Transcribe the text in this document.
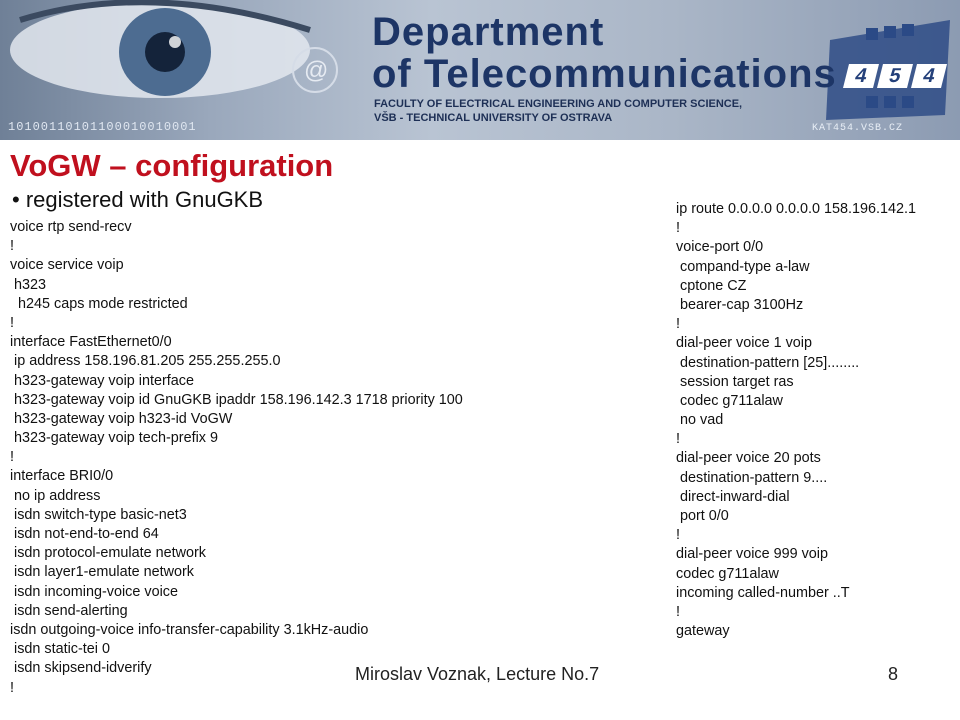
@
Department
of Telecommunications
FACULTY OF ELECTRICAL ENGINEERING AND COMPUTER SCIENCE,
VŠB - TECHNICAL UNIVERSITY OF OSTRAVA
10100110101100010010001	KAT454.VSB.CZ
4 5 4
VoGW – configuration
• registered with GnuGKB
voice rtp send-recv
!
voice service voip
h323
h245 caps mode restricted
!
interface FastEthernet0/0
ip address 158.196.81.205 255.255.255.0
h323-gateway voip interface
h323-gateway voip id GnuGKB ipaddr 158.196.142.3 1718 priority 100
h323-gateway voip h323-id VoGW
h323-gateway voip tech-prefix 9
!
interface BRI0/0
no ip address
isdn switch-type basic-net3
isdn not-end-to-end 64
isdn protocol-emulate network
isdn layer1-emulate network
isdn incoming-voice voice
isdn send-alerting
isdn outgoing-voice info-transfer-capability 3.1kHz-audio
isdn static-tei 0
isdn skipsend-idverify
!
ip route 0.0.0.0 0.0.0.0 158.196.142.1
!
voice-port 0/0
compand-type a-law
cptone CZ
bearer-cap 3100Hz
!
dial-peer voice 1 voip
destination-pattern [25]........
session target ras
codec g711alaw
no vad
!
dial-peer voice 20 pots
destination-pattern 9....
direct-inward-dial
port 0/0
!
dial-peer voice 999 voip
codec g711alaw
incoming called-number ..T
!
gateway
Miroslav Voznak, Lecture No.7	8
